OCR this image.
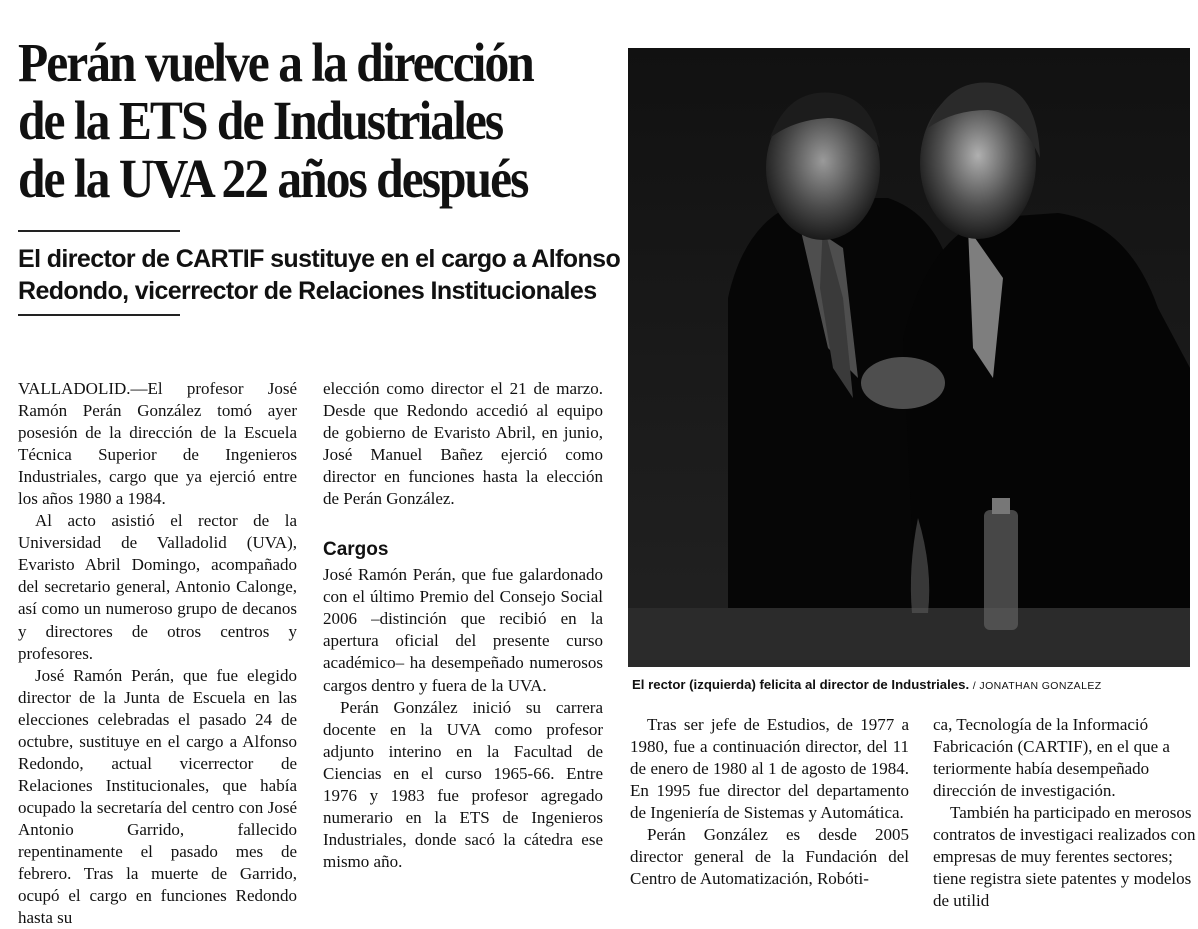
Perán vuelve a la dirección
de la ETS de Industriales
de la UVA 22 años después
El director de CARTIF sustituye en el cargo a Alfonso
Redondo, vicerrector de Relaciones Institucionales

VALLADOLID.—El profesor José Ramón Perán González tomó ayer posesión de la dirección de la Escuela Técnica Superior de Ingenieros Industriales, cargo que ya ejerció entre los años 1980 a 1984.

Al acto asistió el rector de la Universidad de Valladolid (UVA), Evaristo Abril Domingo, acompañado del secretario general, Antonio Calonge, así como un numeroso grupo de decanos y directores de otros centros y profesores.

José Ramón Perán, que fue elegido director de la Junta de Escuela en las elecciones celebradas el pasado 24 de octubre, sustituye en el cargo a Alfonso Redondo, actual vicerrector de Relaciones Institucionales, que había ocupado la secretaría del centro con José Antonio Garrido, fallecido repentinamente el pasado mes de febrero. Tras la muerte de Garrido, ocupó el cargo en funciones Redondo hasta su

elección como director el 21 de marzo. Desde que Redondo accedió al equipo de gobierno de Evaristo Abril, en junio, José Manuel Bañez ejerció como director en funciones hasta la elección de Perán González.

Cargos

José Ramón Perán, que fue galardonado con el último Premio del Consejo Social 2006 –distinción que recibió en la apertura oficial del presente curso académico– ha desempeñado numerosos cargos dentro y fuera de la UVA.

Perán González inició su carrera docente en la UVA como profesor adjunto interino en la Facultad de Ciencias en el curso 1965-66. Entre 1976 y 1983 fue profesor agregado numerario en la ETS de Ingenieros Industriales, donde sacó la cátedra ese mismo año.

El rector (izquierda) felicita al director de Industriales. / JONATHAN GONZALEZ

Tras ser jefe de Estudios, de 1977 a 1980, fue a continuación director, del 11 de enero de 1980 al 1 de agosto de 1984. En 1995 fue director del departamento de Ingeniería de Sistemas y Automática.

Perán González es desde 2005 director general de la Fundación del Centro de Automatización, Robóti-

ca, Tecnología de la Informació Fabricación (CARTIF), en el que a teriormente había desempeñado dirección de investigación.

También ha participado en merosos contratos de investigaci realizados con empresas de muy ferentes sectores; tiene registra siete patentes y modelos de utilid
